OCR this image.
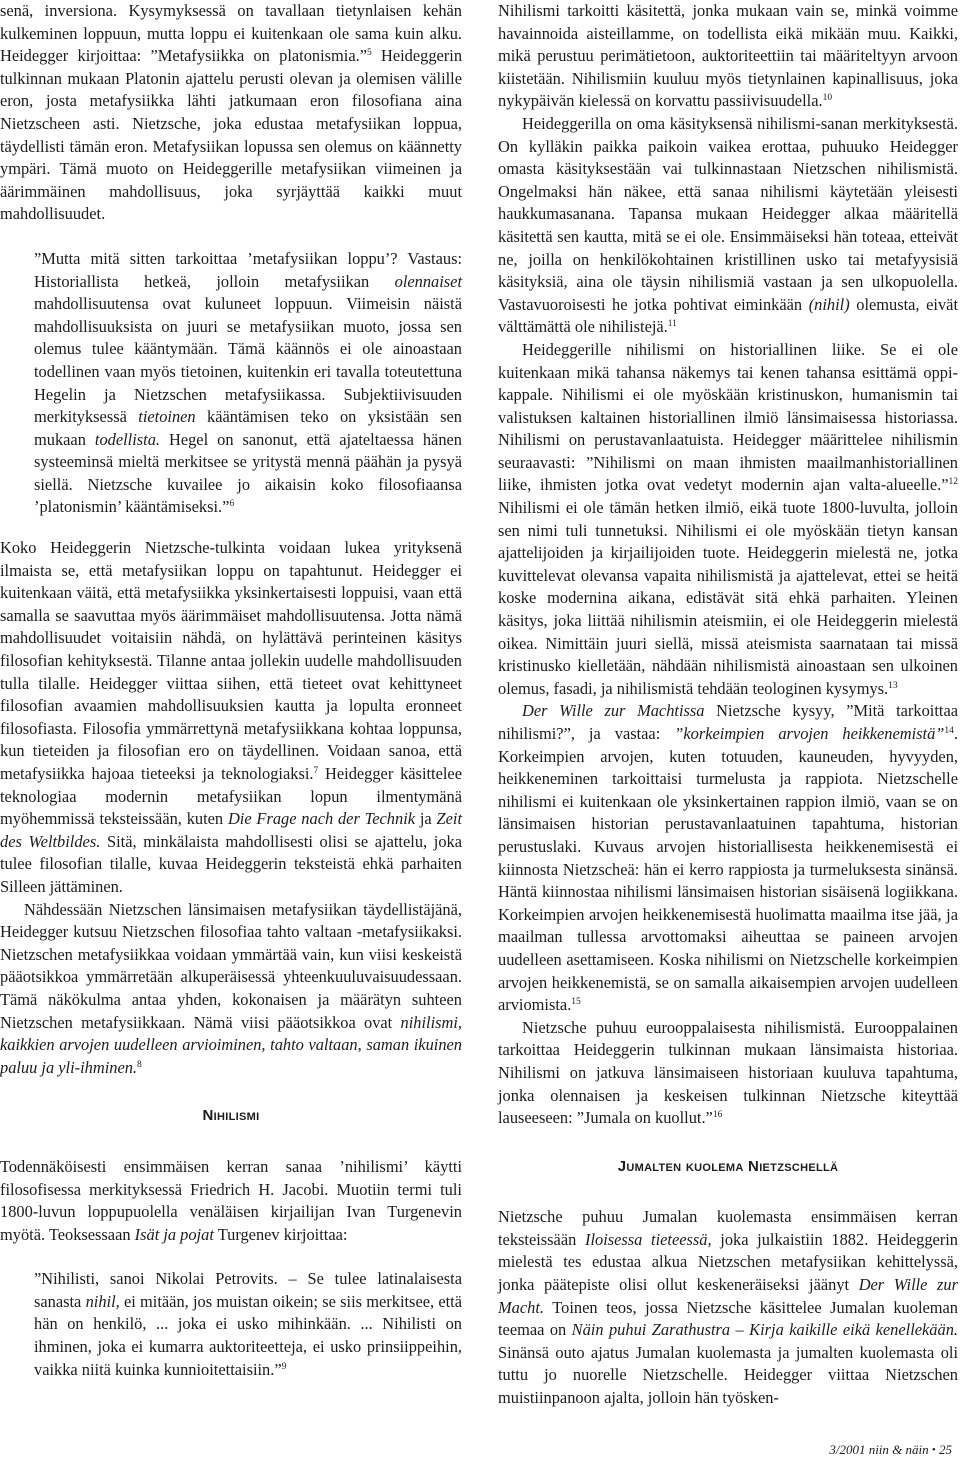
senä, inversiona. Kysymyksessä on tavallaan tietynlaisen kehän kulkeminen loppuun, mutta loppu ei kuitenkaan ole sama kuin alku. Heidegger kirjoittaa: ”Metafysiikka on platonismia.”$^5$ Heideggerin tulkinnan mukaan Platonin ajattelu perusti olevan ja olemisen välille eron, josta metafysiikka lähti jatkumaan eron filosofiana aina Nietzscheen asti. Nietzsche, joka edustaa metafysiikan loppua, täydellisti tämän eron. Metafysiikan lopussa sen olemus on käännetty ympäri. Tämä muoto on Heideggerille metafysiikan viimeinen ja äärimmäinen mahdollisuus, joka syrjäyttää kaikki muut mahdollisuudet.

”Mutta mitä sitten tarkoittaa ’metafysiikan loppu’? Vastaus: Historiallista hetkeä, jolloin metafysiikan olennaiset mahdollisuutensa ovat kuluneet loppuun. Viimeisin näistä mahdollisuuksista on juuri se metafysiikan muoto, jossa sen olemus tulee kääntymään. Tämä käännös ei ole ainoastaan todellinen vaan myös tietoinen, kuitenkin eri tavalla toteutettuna Hegelin ja Nietzschen metafysiikassa. Subjektiivisuuden merkityksessä tietoinen kääntämisen teko on yksistään sen mukaan todellista. Hegel on sanonut, että ajateltaessa hänen systeeminsä mieltä merkitsee se yritystä mennä päähän ja pysyä siellä. Nietzsche kuvailee jo aikaisin koko filosofiaansa ’platonismin’ kääntämiseksi.”$^6$

Koko Heideggerin Nietzsche-tulkinta voidaan lukea yrityksenä ilmaista se, että metafysiikan loppu on tapahtunut. Heidegger ei kuitenkaan väitä, että metafysiikka yksinkertaisesti loppuisi, vaan että samalla se saavuttaa myös äärimmäiset mahdollisuutensa. Jotta nämä mahdollisuudet voitaisiin nähdä, on hylättävä perinteinen käsitys filosofian kehityksestä. Tilanne antaa jollekin uudelle mahdollisuuden tulla tilalle. Heidegger viittaa siihen, että tieteet ovat kehittyneet filosofian avaamien mahdollisuuksien kautta ja lopulta eronneet filosofiasta. Filosofia ymmärrettynä metafysiikkana kohtaa loppunsa, kun tieteiden ja filosofian ero on täydellinen. Voidaan sanoa, että metafysiikka hajoaa tieteeksi ja teknologiaksi.$^7$ Heidegger käsittelee teknologiaa modernin metafysiikan lopun ilmentymänä myöhemmissä teksteissään, kuten Die Frage nach der Technik ja Zeit des Weltbildes. Sitä, minkälaista mahdollisesti olisi se ajattelu, joka tulee filosofian tilalle, kuvaa Heideggerin teksteistä ehkä parhaiten Silleen jättäminen.

Nähdessään Nietzschen länsimaisen metafysiikan täydellistäjänä, Heidegger kutsuu Nietzschen filosofiaa tahto valtaan -metafysiikaksi. Nietzschen metafysiikkaa voidaan ymmärtää vain, kun viisi keskeistä pääotsikkoa ymmärretään alkuperäisessä yhteenkuuluvaisuudessaan. Tämä näkökulma antaa yhden, kokonaisen ja määrätyn suhteen Nietzschen metafysiikkaan. Nämä viisi pääotsikkoa ovat nihilismi, kaikkien arvojen uudelleen arvioiminen, tahto valtaan, saman ikuinen paluu ja yli-ihminen.$^8$

Nihilismi

Todennäköisesti ensimmäisen kerran sanaa ’nihilismi’ käytti filosofisessa merkityksessä Friedrich H. Jacobi. Muotiin termi tuli 1800-luvun loppupuolella venäläisen kirjailijan Ivan Turgenevin myötä. Teoksessaan Isät ja pojat Turgenev kirjoittaa:

”Nihilisti, sanoi Nikolai Petrovits. – Se tulee latinalaisesta sanasta nihil, ei mitään, jos muistan oikein; se siis merkitsee, että hän on henkilö, ... joka ei usko mihinkään. ... Nihilisti on ihminen, joka ei kumarra auktoriteetteja, ei usko prinsiippeihin, vaikka niitä kuinka kunnioitettaisiin.”$^9$

Nihilismi tarkoitti käsitettä, jonka mukaan vain se, minkä voimme havainnoida aisteillamme, on todellista eikä mikään muu. Kaikki, mikä perustuu perimätietoon, auktoriteettiin tai määriteltyyn arvoon kiistetään. Nihilismiin kuuluu myös tietynlainen kapinallisuus, joka nykypäivän kielessä on korvattu passiivisuudella.$^{10}$

Heideggerilla on oma käsityksensä nihilismi-sanan merkityksestä. On kylläkin paikka paikoin vaikea erottaa, puhuuko Heidegger omasta käsityksestään vai tulkinnastaan Nietzschen nihilismistä. Ongelmaksi hän näkee, että sanaa nihilismi käytetään yleisesti haukkumasanana. Tapansa mukaan Heidegger alkaa määritellä käsitettä sen kautta, mitä se ei ole. Ensimmäiseksi hän toteaa, etteivät ne, joilla on henkilökohtainen kristillinen usko tai metafyysisiä käsityksiä, aina ole täysin nihilismiä vastaan ja sen ulkopuolella. Vastavuoroisesti he jotka pohtivat eiminkään (nihil) olemusta, eivät välttämättä ole nihilistejä.$^{11}$

Heideggerille nihilismi on historiallinen liike. Se ei ole kuitenkaan mikä tahansa näkemys tai kenen tahansa esittämä oppi-kappale. Nihilismi ei ole myöskään kristinuskon, humanismin tai valistuksen kaltainen historiallinen ilmiö länsimaisessa historiassa. Nihilismi on perustavanlaatuista. Heidegger määrittelee nihilismin seuraavasti: ”Nihilismi on maan ihmisten maailmanhistoriallinen liike, ihmisten jotka ovat vedetyt modernin ajan valta-alueelle.”$^{12}$ Nihilismi ei ole tämän hetken ilmiö, eikä tuote 1800-luvulta, jolloin sen nimi tuli tunnetuksi. Nihilismi ei ole myöskään tietyn kansan ajattelijoiden ja kirjailijoiden tuote. Heideggerin mielestä ne, jotka kuvittelevat olevansa vapaita nihilismistä ja ajattelevat, ettei se heitä koske modernina aikana, edistävät sitä ehkä parhaiten. Yleinen käsitys, joka liittää nihilismin ateismiin, ei ole Heideggerin mielestä oikea. Nimittäin juuri siellä, missä ateismista saarnataan tai missä kristinusko kielletään, nähdään nihilismistä ainoastaan sen ulkoinen olemus, fasadi, ja nihilismistä tehdään teologinen kysymys.$^{13}$

Der Wille zur Machtissa Nietzsche kysyy, ”Mitä tarkoittaa nihilismi?”, ja vastaa: ”korkeimpien arvojen heikkenemistä”$^{14}$. Korkeimpien arvojen, kuten totuuden, kauneuden, hyvyyden, heikkeneminen tarkoittaisi turmelusta ja rappiota. Nietzschelle nihilismi ei kuitenkaan ole yksinkertainen rappion ilmiö, vaan se on länsimaisen historian perustavanlaatuinen tapahtuma, historian perustuslaki. Kuvaus arvojen historiallisesta heikkenemisestä ei kiinnosta Nietzscheä: hän ei kerro rappiosta ja turmeluksesta sinänsä. Häntä kiinnostaa nihilismi länsimaisen historian sisäisenä logiikkana. Korkeimpien arvojen heikkenemisestä huolimatta maailma itse jää, ja maailman tullessa arvottomaksi aiheuttaa se paineen arvojen uudelleen asettamiseen. Koska nihilismi on Nietzschelle korkeimpien arvojen heikkenemistä, se on samalla aikaisempien arvojen uudelleen arviomista.$^{15}$

Nietzsche puhuu eurooppalaisesta nihilismistä. Eurooppalainen tarkoittaa Heideggerin tulkinnan mukaan länsimaista historiaa. Nihilismi on jatkuva länsimaiseen historiaan kuuluva tapahtuma, jonka olennaisen ja keskeisen tulkinnan Nietzsche kiteyttää lauseeseen: ”Jumala on kuollut.”$^{16}$

Jumalten kuolema Nietzschellä

Nietzsche puhuu Jumalan kuolemasta ensimmäisen kerran teksteissään Iloisessa tieteessä, joka julkaistiin 1882. Heideggerin mielestä tes edustaa alkua Nietzschen metafysiikan kehittelyssä, jonka päätepiste olisi ollut keskeneräiseksi jäänyt Der Wille zur Macht. Toinen teos, jossa Nietzsche käsittelee Jumalan kuoleman teemaa on Näin puhui Zarathustra – Kirja kaikille eikä kenellekään. Sinänsä outo ajatus Jumalan kuolemasta ja jumalten kuolemasta oli tuttu jo nuorelle Nietzschelle. Heidegger viittaa Nietzschen muistiinpanoon ajalta, jolloin hän työsken-

3/2001 niin & näin • 25
